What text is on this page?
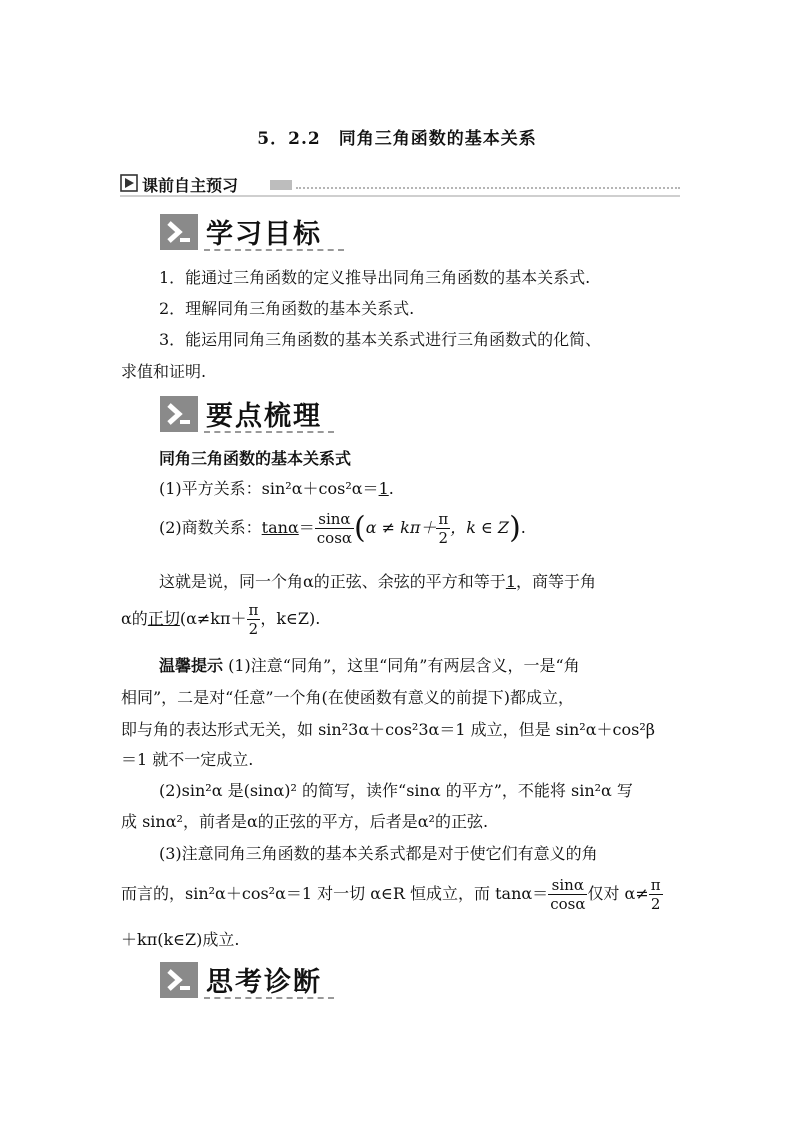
5．2.2　同角三角函数的基本关系
课前自主预习
学习目标
1．能通过三角函数的定义推导出同角三角函数的基本关系式.
2．理解同角三角函数的基本关系式.
3．能运用同角三角函数的基本关系式进行三角函数式的化简、
求值和证明.
要点梳理
同角三角函数的基本关系式
(1)平方关系：sin²α＋cos²α＝1.
(2)商数关系：$\tan\alpha= \frac{\sin\alpha}{\cos\alpha} (\alpha \ne k\pi+ \frac{\pi}{2}$ ，k ∈ Z).
这就是说，同一个角α的正弦、余弦的平方和等于1，商等于角
α的正切($\alpha\ne k\pi+ \frac{\pi}{2}$ ，k∈Z).
温馨提示 (1)注意“同角”，这里“同角”有两层含义，一是“角
相同”，二是对“任意”一个角(在使函数有意义的前提下)都成立，
即与角的表达形式无关，如 sin²3α＋cos²3α＝1 成立，但是 sin²α＋cos²β
＝1 就不一定成立.
(2)sin²α 是(sinα)² 的简写，读作“sinα 的平方”，不能将 sin²α 写
成 sinα²，前者是α的正弦的平方，后者是α²的正弦.
(3)注意同角三角函数的基本关系式都是对于使它们有意义的角
而言的，sin²α＋cos²α＝1 对一切 α∈R 恒成立，而 $\tan\alpha= \frac{\sin\alpha}{\cos\alpha}$ 仅对 $\alpha\ne \frac{\pi}{2}$
＋kπ(k∈Z)成立.
思考诊断
